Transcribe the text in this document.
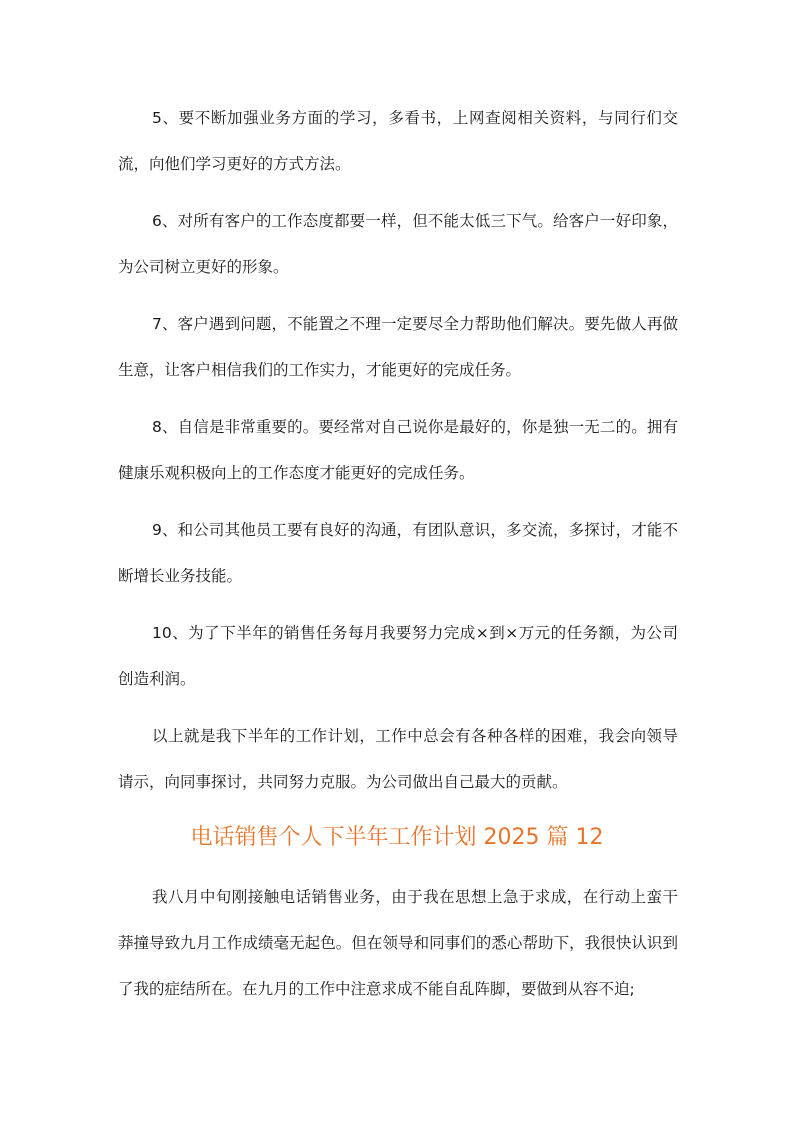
5、要不断加强业务方面的学习，多看书，上网查阅相关资料，与同行们交流，向他们学习更好的方式方法。

6、对所有客户的工作态度都要一样，但不能太低三下气。给客户一好印象，为公司树立更好的形象。

7、客户遇到问题，不能置之不理一定要尽全力帮助他们解决。要先做人再做生意，让客户相信我们的工作实力，才能更好的完成任务。

8、自信是非常重要的。要经常对自己说你是最好的，你是独一无二的。拥有健康乐观积极向上的工作态度才能更好的完成任务。

9、和公司其他员工要有良好的沟通，有团队意识，多交流，多探讨，才能不断增长业务技能。

10、为了下半年的销售任务每月我要努力完成×到×万元的任务额，为公司创造利润。

以上就是我下半年的工作计划，工作中总会有各种各样的困难，我会向领导请示，向同事探讨，共同努力克服。为公司做出自己最大的贡献。

电话销售个人下半年工作计划 2025 篇 12

我八月中旬刚接触电话销售业务，由于我在思想上急于求成，在行动上蛮干莽撞导致九月工作成绩毫无起色。但在领导和同事们的悉心帮助下，我很快认识到了我的症结所在。在九月的工作中注意求成不能自乱阵脚，要做到从容不迫;
